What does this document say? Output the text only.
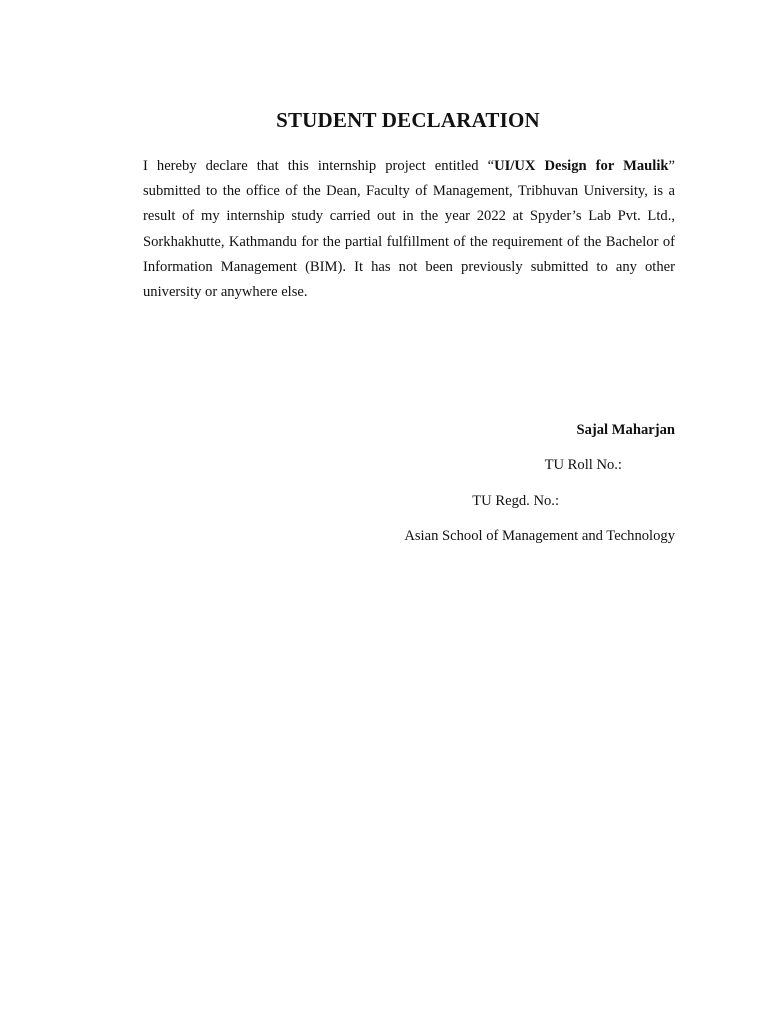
STUDENT DECLARATION

I hereby declare that this internship project entitled “UI/UX Design for Maulik” submitted to the office of the Dean, Faculty of Management, Tribhuvan University, is a result of my internship study carried out in the year 2022 at Spyder’s Lab Pvt. Ltd., Sorkhakhutte, Kathmandu for the partial fulfillment of the requirement of the Bachelor of Information Management (BIM). It has not been previously submitted to any other university or anywhere else.

Sajal Maharjan

TU Roll No.:

TU Regd. No.:

Asian School of Management and Technology
